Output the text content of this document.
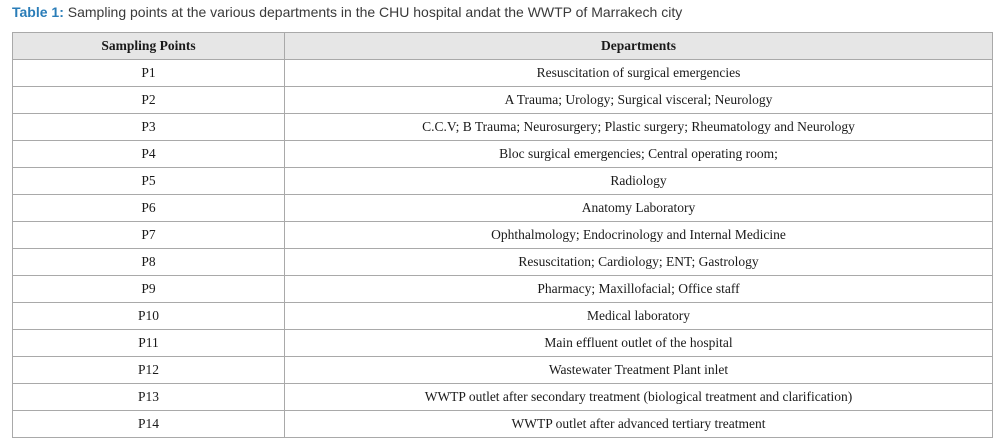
Table 1: Sampling points at the various departments in the CHU hospital andat the WWTP of Marrakech city
Sampling Points	Departments
P1	Resuscitation of surgical emergencies
P2	A Trauma; Urology; Surgical visceral; Neurology
P3	C.C.V; B Trauma; Neurosurgery; Plastic surgery; Rheumatology and Neurology
P4	Bloc surgical emergencies; Central operating room;
P5	Radiology
P6	Anatomy Laboratory
P7	Ophthalmology; Endocrinology and Internal Medicine
P8	Resuscitation; Cardiology; ENT; Gastrology
P9	Pharmacy; Maxillofacial; Office staff
P10	Medical laboratory
P11	Main effluent outlet of the hospital
P12	Wastewater Treatment Plant inlet
P13	WWTP outlet after secondary treatment (biological treatment and clarification)
P14	WWTP outlet after advanced tertiary treatment
